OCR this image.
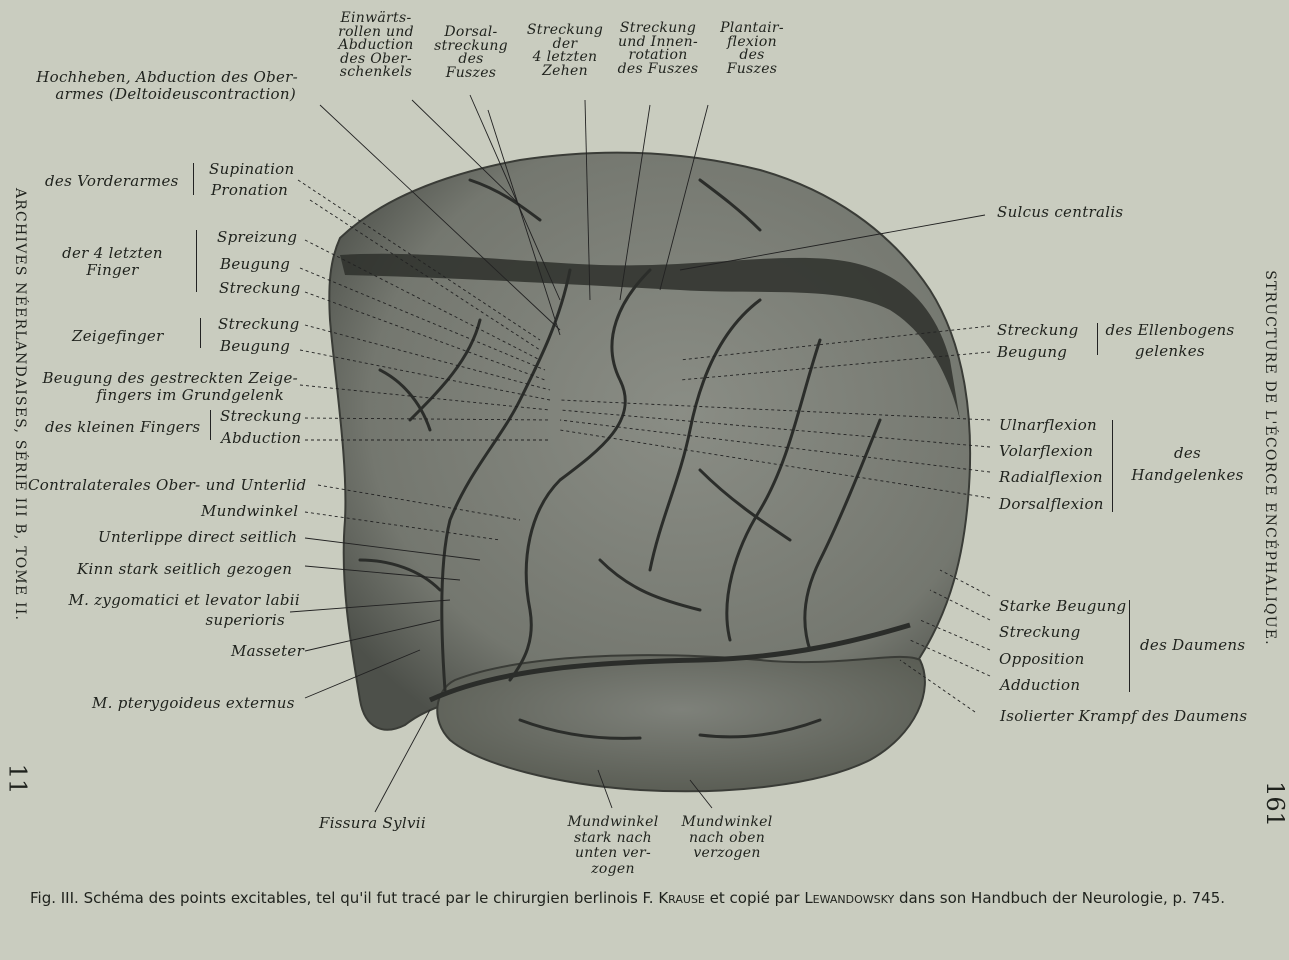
ARCHIVES NÉERLANDAISES, SÉRIE III B, TOME II.	STRUCTURE DE L'ÉCORCE ENCÉPHALIQUE.
11
161
Einwärts-
rollen und
Abduction
des Ober-
schenkels
Dorsal-
streckung
des
Fuszes
Streckung
der
4 letzten
Zehen
Streckung
und Innen-
rotation
des Fuszes
Plantair-
flexion
des
Fuszes
Hochheben, Abduction des Ober-
armes (Deltoideuscontraction)
des Vorderarmes
Supination
Pronation
der 4 letzten
Finger
Spreizung
Beugung
Streckung
Zeigefinger
Streckung
Beugung
Beugung des gestreckten Zeige-
fingers im Grundgelenk
des kleinen Fingers
Streckung
Abduction
Contralaterales Ober- und Unterlid
Mundwinkel
Unterlippe direct seitlich
Kinn stark seitlich gezogen
M. zygomatici et levator labii
superioris
Masseter
M. pterygoideus externus
Sulcus centralis
Streckung
Beugung
des Ellenbogens
gelenkes
Ulnarflexion
Volarflexion
Radialflexion
Dorsalflexion
des
Handgelenkes
Starke Beugung
Streckung
Opposition
Adduction
des Daumens
Isolierter Krampf des Daumens
Fissura Sylvii	Mundwinkel
stark nach
unten ver-
zogen
Mundwinkel
nach oben
verzogen
Fig. III. Schéma des points excitables, tel qu'il fut tracé par le chirurgien berlinois F. Krause et copié par Lewandowsky dans son Handbuch der Neurologie, p. 745.
